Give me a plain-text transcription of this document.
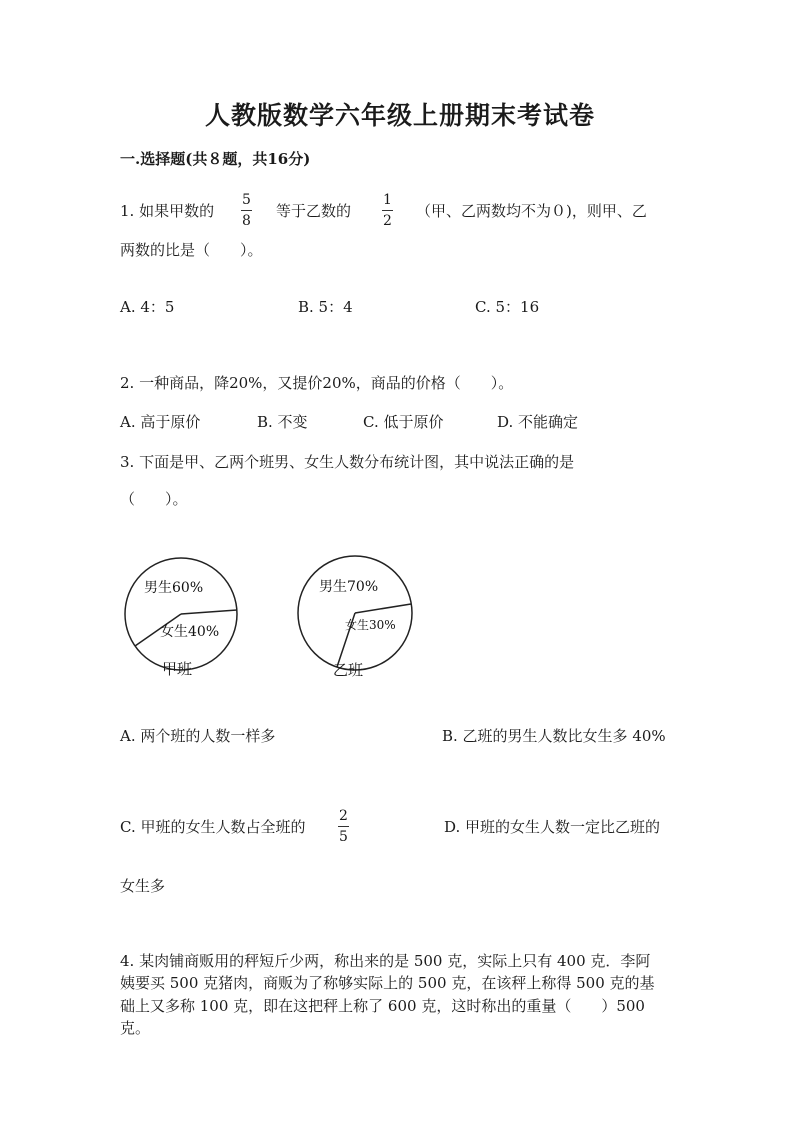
人教版数学六年级上册期末考试卷
一.选择题(共８题，共16分)
1. 如果甲数的
5
8
等于乙数的
1
2
（甲、乙两数均不为０)，则甲、乙
两数的比是（　　）。
A. 4：5	B. 5：4	C. 5：16
2. 一种商品，降20%，又提价20%，商品的价格（　　）。
A. 高于原价	B. 不变	C. 低于原价	D. 不能确定
3. 下面是甲、乙两个班男、女生人数分布统计图，其中说法正确的是
（　　）。
男生60%
女生40%
甲班
男生70%
女生30%
乙班
A. 两个班的人数一样多	B. 乙班的男生人数比女生多 40%
C. 甲班的女生人数占全班的
2
5
D. 甲班的女生人数一定比乙班的
女生多
4. 某肉铺商贩用的秤短斤少两，称出来的是 500 克，实际上只有 400 克．李阿
姨要买 500 克猪肉，商贩为了称够实际上的 500 克，在该秤上称得 500 克的基
础上又多称 100 克，即在这把秤上称了 600 克，这时称出的重量（　　）500
克。
